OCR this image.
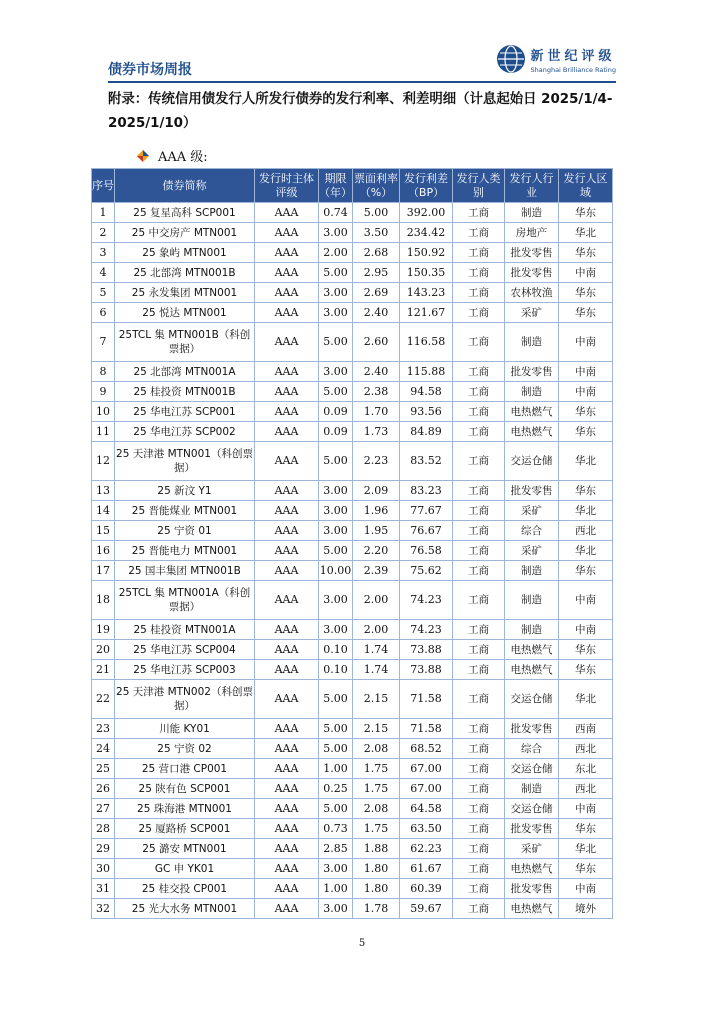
债券市场周报
新世纪评级
Shanghai Brilliance Rating
附录：传统信用债发行人所发行债券的发行利率、利差明细（计息起始日 2025/1/4-2025/1/10）
AAA 级:
序号	债券简称	发行时主体评级	期限（年）	票面利率（%）	发行利差（BP）	发行人类别	发行人行业	发行人区域
1	25 复星高科 SCP001	AAA	0.74	5.00	392.00	工商	制造	华东
2	25 中交房产 MTN001	AAA	3.00	3.50	234.42	工商	房地产	华北
3	25 象屿 MTN001	AAA	2.00	2.68	150.92	工商	批发零售	华东
4	25 北部湾 MTN001B	AAA	5.00	2.95	150.35	工商	批发零售	中南
5	25 永发集团 MTN001	AAA	3.00	2.69	143.23	工商	农林牧渔	华东
6	25 悦达 MTN001	AAA	3.00	2.40	121.67	工商	采矿	华东
7	25TCL 集 MTN001B（科创票据）	AAA	5.00	2.60	116.58	工商	制造	中南
8	25 北部湾 MTN001A	AAA	3.00	2.40	115.88	工商	批发零售	中南
9	25 桂投资 MTN001B	AAA	5.00	2.38	94.58	工商	制造	中南
10	25 华电江苏 SCP001	AAA	0.09	1.70	93.56	工商	电热燃气	华东
11	25 华电江苏 SCP002	AAA	0.09	1.73	84.89	工商	电热燃气	华东
12	25 天津港 MTN001（科创票据）	AAA	5.00	2.23	83.52	工商	交运仓储	华北
13	25 新汶 Y1	AAA	3.00	2.09	83.23	工商	批发零售	华东
14	25 晋能煤业 MTN001	AAA	3.00	1.96	77.67	工商	采矿	华北
15	25 宁资 01	AAA	3.00	1.95	76.67	工商	综合	西北
16	25 晋能电力 MTN001	AAA	5.00	2.20	76.58	工商	采矿	华北
17	25 国丰集团 MTN001B	AAA	10.00	2.39	75.62	工商	制造	华东
18	25TCL 集 MTN001A（科创票据）	AAA	3.00	2.00	74.23	工商	制造	中南
19	25 桂投资 MTN001A	AAA	3.00	2.00	74.23	工商	制造	中南
20	25 华电江苏 SCP004	AAA	0.10	1.74	73.88	工商	电热燃气	华东
21	25 华电江苏 SCP003	AAA	0.10	1.74	73.88	工商	电热燃气	华东
22	25 天津港 MTN002（科创票据）	AAA	5.00	2.15	71.58	工商	交运仓储	华北
23	川能 KY01	AAA	5.00	2.15	71.58	工商	批发零售	西南
24	25 宁资 02	AAA	5.00	2.08	68.52	工商	综合	西北
25	25 营口港 CP001	AAA	1.00	1.75	67.00	工商	交运仓储	东北
26	25 陕有色 SCP001	AAA	0.25	1.75	67.00	工商	制造	西北
27	25 珠海港 MTN001	AAA	5.00	2.08	64.58	工商	交运仓储	中南
28	25 厦路桥 SCP001	AAA	0.73	1.75	63.50	工商	批发零售	华东
29	25 潞安 MTN001	AAA	2.85	1.88	62.23	工商	采矿	华北
30	GC 申 YK01	AAA	3.00	1.80	61.67	工商	电热燃气	华东
31	25 桂交投 CP001	AAA	1.00	1.80	60.39	工商	批发零售	中南
32	25 光大水务 MTN001	AAA	3.00	1.78	59.67	工商	电热燃气	境外
5
